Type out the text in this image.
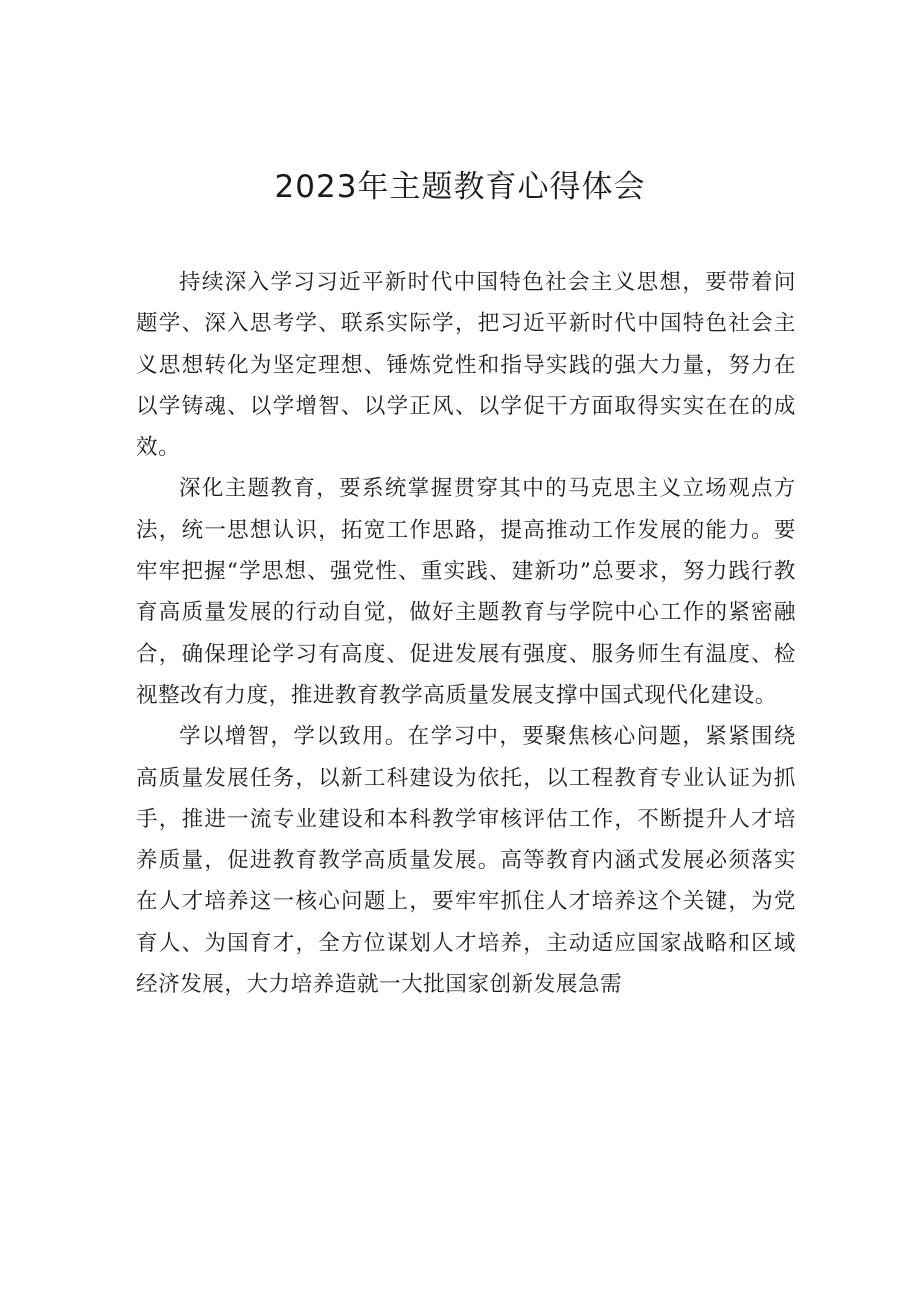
2023年主题教育心得体会

持续深入学习习近平新时代中国特色社会主义思想，要带着问题学、深入思考学、联系实际学，把习近平新时代中国特色社会主义思想转化为坚定理想、锤炼党性和指导实践的强大力量，努力在以学铸魂、以学增智、以学正风、以学促干方面取得实实在在的成效。

深化主题教育，要系统掌握贯穿其中的马克思主义立场观点方法，统一思想认识，拓宽工作思路，提高推动工作发展的能力。要牢牢把握“学思想、强党性、重实践、建新功”总要求，努力践行教育高质量发展的行动自觉，做好主题教育与学院中心工作的紧密融合，确保理论学习有高度、促进发展有强度、服务师生有温度、检视整改有力度，推进教育教学高质量发展支撑中国式现代化建设。

学以增智，学以致用。在学习中，要聚焦核心问题，紧紧围绕高质量发展任务，以新工科建设为依托，以工程教育专业认证为抓手，推进一流专业建设和本科教学审核评估工作，不断提升人才培养质量，促进教育教学高质量发展。高等教育内涵式发展必须落实在人才培养这一核心问题上，要牢牢抓住人才培养这个关键，为党育人、为国育才，全方位谋划人才培养，主动适应国家战略和区域经济发展，大力培养造就一大批国家创新发展急需
